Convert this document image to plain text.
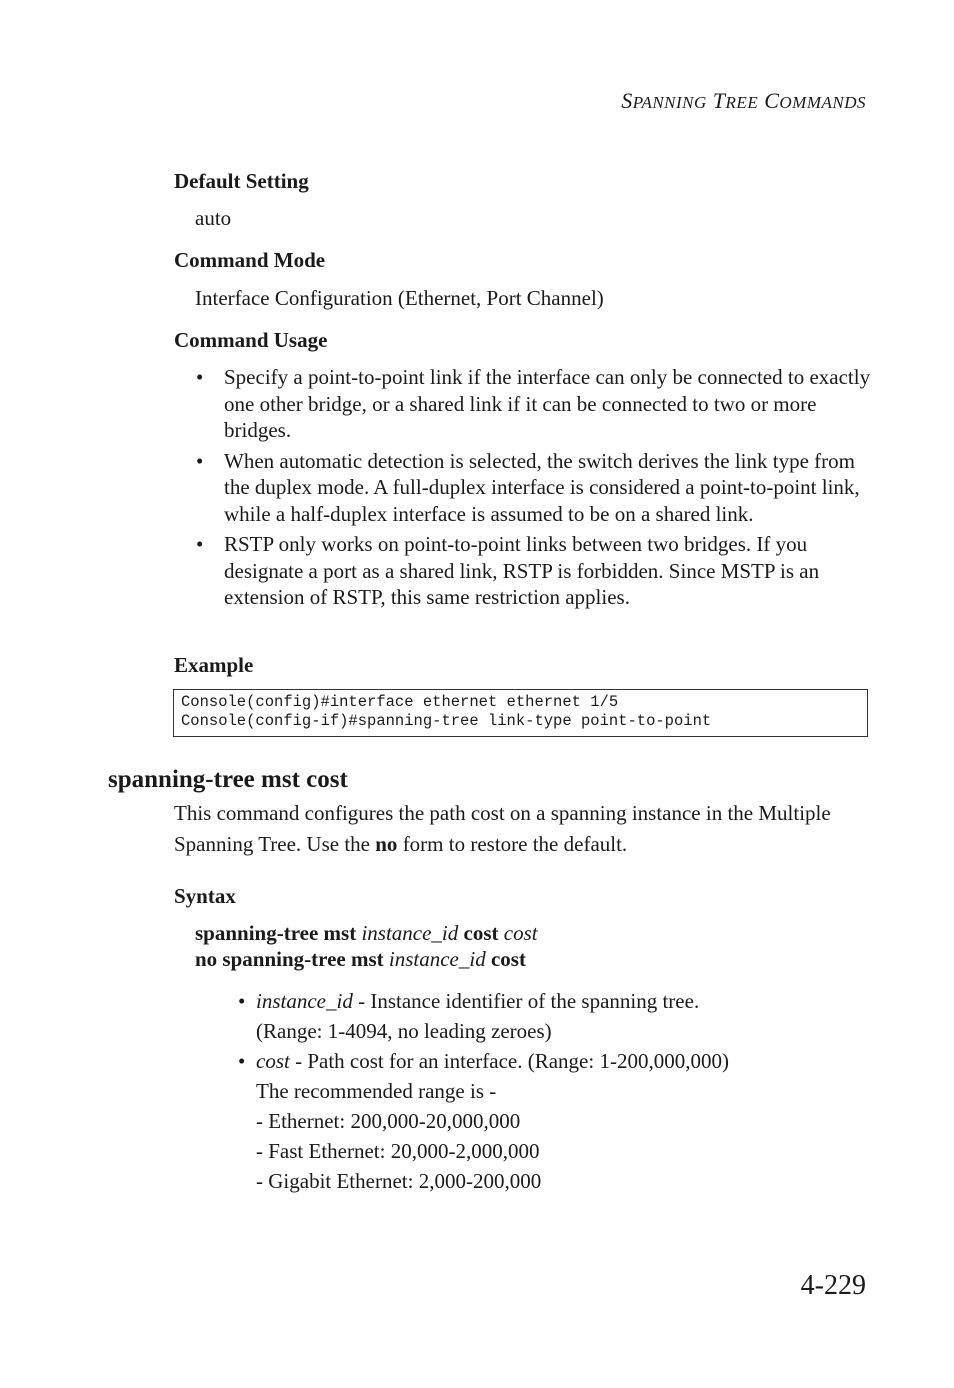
SPANNING TREE COMMANDS
Default Setting
auto
Command Mode
Interface Configuration (Ethernet, Port Channel)
Command Usage
• Specify a point-to-point link if the interface can only be connected to exactly one other bridge, or a shared link if it can be connected to two or more bridges.
• When automatic detection is selected, the switch derives the link type from the duplex mode. A full-duplex interface is considered a point-to-point link, while a half-duplex interface is assumed to be on a shared link.
• RSTP only works on point-to-point links between two bridges. If you designate a port as a shared link, RSTP is forbidden. Since MSTP is an extension of RSTP, this same restriction applies.
Example
Console(config)#interface ethernet ethernet 1/5
Console(config-if)#spanning-tree link-type point-to-point
spanning-tree mst cost
This command configures the path cost on a spanning instance in the Multiple Spanning Tree. Use the no form to restore the default.
Syntax
spanning-tree mst instance_id cost cost
no spanning-tree mst instance_id cost
• instance_id - Instance identifier of the spanning tree.
(Range: 1-4094, no leading zeroes)
• cost - Path cost for an interface. (Range: 1-200,000,000)
The recommended range is -
- Ethernet: 200,000-20,000,000
- Fast Ethernet: 20,000-2,000,000
- Gigabit Ethernet: 2,000-200,000
4-229
